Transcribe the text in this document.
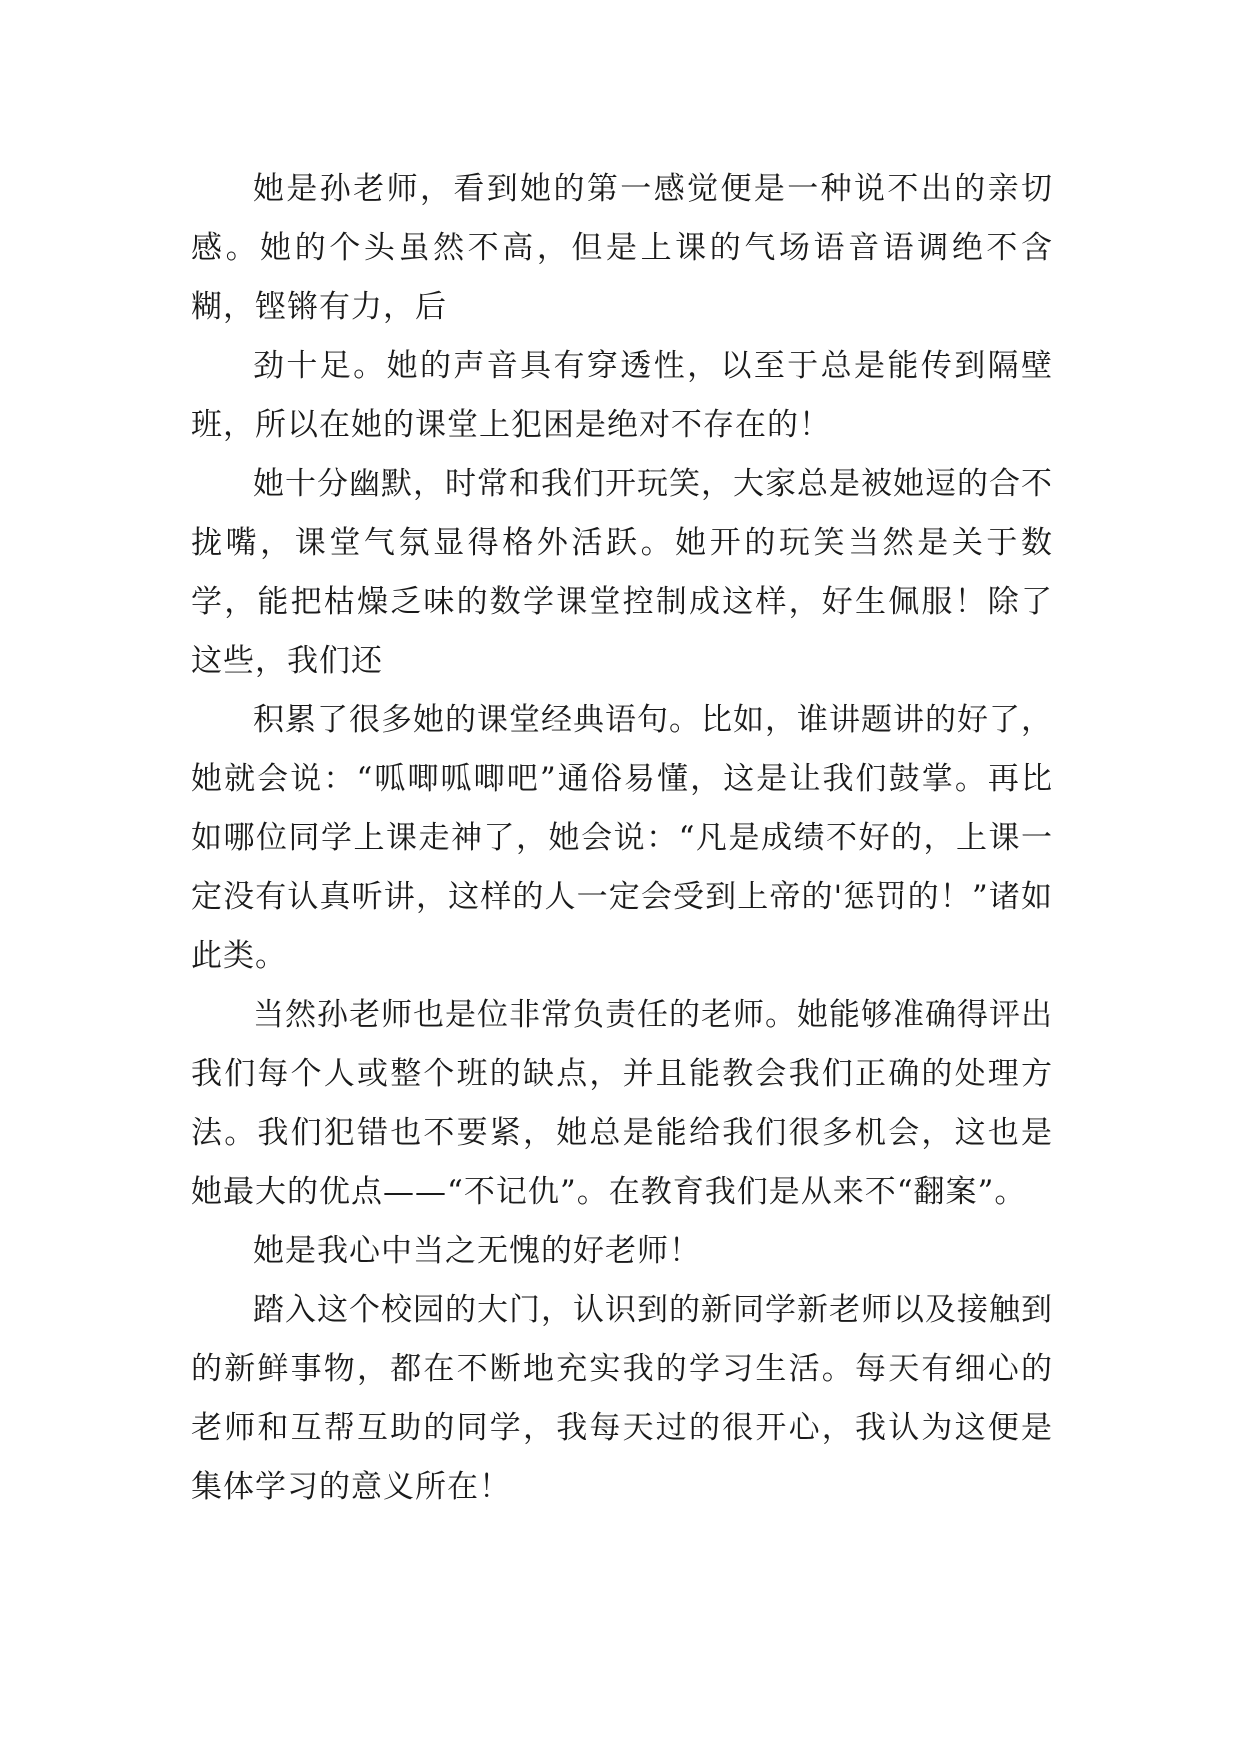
她是孙老师，看到她的第一感觉便是一种说不出的亲切感。她的个头虽然不高，但是上课的气场语音语调绝不含糊，铿锵有力，后

劲十足。她的声音具有穿透性，以至于总是能传到隔壁班，所以在她的课堂上犯困是绝对不存在的！

她十分幽默，时常和我们开玩笑，大家总是被她逗的合不拢嘴，课堂气氛显得格外活跃。她开的玩笑当然是关于数学，能把枯燥乏味的数学课堂控制成这样，好生佩服！除了这些，我们还

积累了很多她的课堂经典语句。比如，谁讲题讲的好了，她就会说：“呱唧呱唧吧”通俗易懂，这是让我们鼓掌。再比如哪位同学上课走神了，她会说：“凡是成绩不好的，上课一定没有认真听讲，这样的人一定会受到上帝的'惩罚的！”诸如此类。

当然孙老师也是位非常负责任的老师。她能够准确得评出我们每个人或整个班的缺点，并且能教会我们正确的处理方法。我们犯错也不要紧，她总是能给我们很多机会，这也是她最大的优点——“不记仇”。在教育我们是从来不“翻案”。

她是我心中当之无愧的好老师！

踏入这个校园的大门，认识到的新同学新老师以及接触到的新鲜事物，都在不断地充实我的学习生活。每天有细心的老师和互帮互助的同学，我每天过的很开心，我认为这便是集体学习的意义所在！
